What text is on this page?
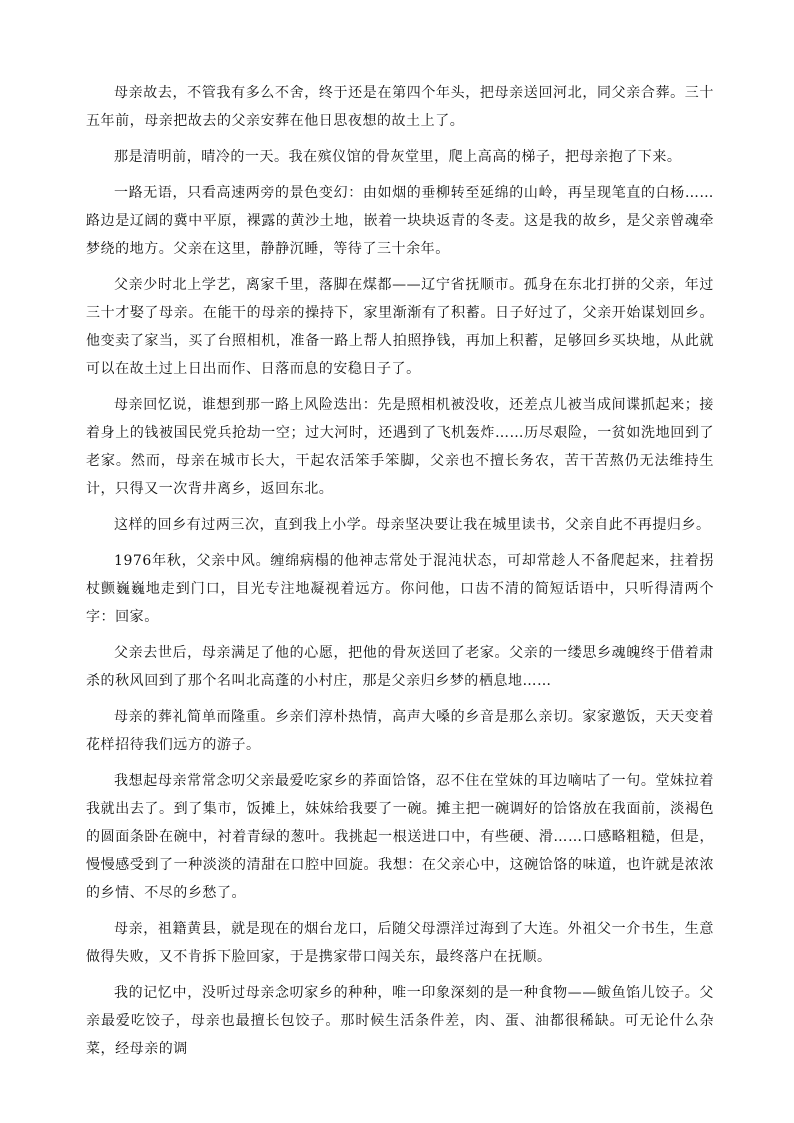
母亲故去，不管我有多么不舍，终于还是在第四个年头，把母亲送回河北，同父亲合葬。三十五年前，母亲把故去的父亲安葬在他日思夜想的故土上了。

那是清明前，晴冷的一天。我在殡仪馆的骨灰堂里，爬上高高的梯子，把母亲抱了下来。

一路无语，只看高速两旁的景色变幻：由如烟的垂柳转至延绵的山岭，再呈现笔直的白杨……路边是辽阔的冀中平原，裸露的黄沙土地，嵌着一块块返青的冬麦。这是我的故乡，是父亲曾魂牵梦绕的地方。父亲在这里，静静沉睡，等待了三十余年。

父亲少时北上学艺，离家千里，落脚在煤都——辽宁省抚顺市。孤身在东北打拼的父亲，年过三十才娶了母亲。在能干的母亲的操持下，家里渐渐有了积蓄。日子好过了，父亲开始谋划回乡。他变卖了家当，买了台照相机，准备一路上帮人拍照挣钱，再加上积蓄，足够回乡买块地，从此就可以在故土过上日出而作、日落而息的安稳日子了。

母亲回忆说，谁想到那一路上风险迭出：先是照相机被没收，还差点儿被当成间谍抓起来；接着身上的钱被国民党兵抢劫一空；过大河时，还遇到了飞机轰炸……历尽艰险，一贫如洗地回到了老家。然而，母亲在城市长大，干起农活笨手笨脚，父亲也不擅长务农，苦干苦熬仍无法维持生计，只得又一次背井离乡，返回东北。

这样的回乡有过两三次，直到我上小学。母亲坚决要让我在城里读书，父亲自此不再提归乡。

1976年秋，父亲中风。缠绵病榻的他神志常处于混沌状态，可却常趁人不备爬起来，拄着拐杖颤巍巍地走到门口，目光专注地凝视着远方。你问他，口齿不清的简短话语中，只听得清两个字：回家。

父亲去世后，母亲满足了他的心愿，把他的骨灰送回了老家。父亲的一缕思乡魂魄终于借着肃杀的秋风回到了那个名叫北高蓬的小村庄，那是父亲归乡梦的栖息地……

母亲的葬礼简单而隆重。乡亲们淳朴热情，高声大嗓的乡音是那么亲切。家家邀饭，天天变着花样招待我们远方的游子。

我想起母亲常常念叨父亲最爱吃家乡的荞面饸饹，忍不住在堂妹的耳边嘀咕了一句。堂妹拉着我就出去了。到了集市，饭摊上，妹妹给我要了一碗。摊主把一碗调好的饸饹放在我面前，淡褐色的圆面条卧在碗中，衬着青绿的葱叶。我挑起一根送进口中，有些硬、滑……口感略粗糙，但是，慢慢感受到了一种淡淡的清甜在口腔中回旋。我想：在父亲心中，这碗饸饹的味道，也许就是浓浓的乡情、不尽的乡愁了。

母亲，祖籍黄县，就是现在的烟台龙口，后随父母漂洋过海到了大连。外祖父一介书生，生意做得失败，又不肯拆下脸回家，于是携家带口闯关东，最终落户在抚顺。

我的记忆中，没听过母亲念叨家乡的种种，唯一印象深刻的是一种食物——鲅鱼馅儿饺子。父亲最爱吃饺子，母亲也最擅长包饺子。那时候生活条件差，肉、蛋、油都很稀缺。可无论什么杂菜，经母亲的调
